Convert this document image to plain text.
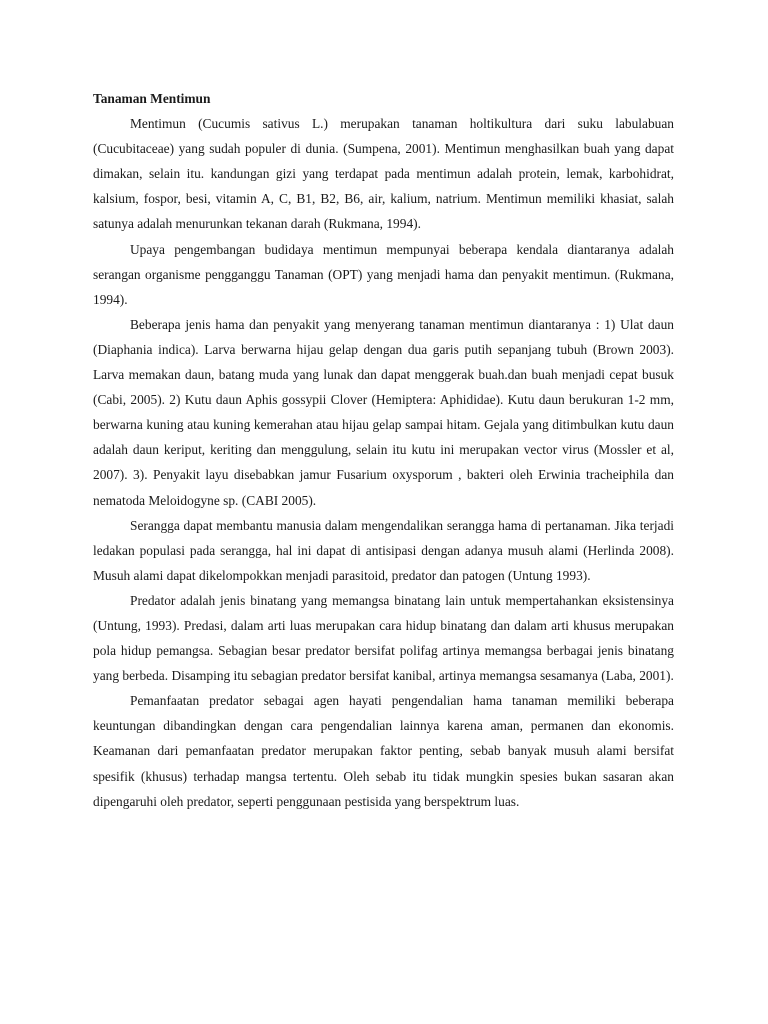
Tanaman Mentimun

Mentimun (Cucumis sativus L.) merupakan tanaman holtikultura dari suku labulabuan (Cucubitaceae) yang sudah populer di dunia. (Sumpena, 2001). Mentimun menghasilkan buah yang dapat dimakan, selain itu. kandungan gizi yang terdapat pada mentimun adalah protein, lemak, karbohidrat, kalsium, fospor, besi, vitamin A, C, B1, B2, B6, air, kalium, natrium. Mentimun memiliki khasiat, salah satunya adalah menurunkan tekanan darah (Rukmana, 1994).

Upaya pengembangan budidaya mentimun mempunyai beberapa kendala diantaranya adalah serangan organisme pengganggu Tanaman (OPT) yang menjadi hama dan penyakit mentimun. (Rukmana, 1994).

Beberapa jenis hama dan penyakit yang menyerang tanaman mentimun diantaranya : 1) Ulat daun (Diaphania indica). Larva berwarna hijau gelap dengan dua garis putih sepanjang tubuh (Brown 2003). Larva memakan daun, batang muda yang lunak dan dapat menggerak buah.dan buah menjadi cepat busuk (Cabi, 2005). 2) Kutu daun Aphis gossypii Clover (Hemiptera: Aphididae). Kutu daun berukuran 1-2 mm, berwarna kuning atau kuning kemerahan atau hijau gelap sampai hitam. Gejala yang ditimbulkan kutu daun adalah daun keriput, keriting dan menggulung, selain itu kutu ini merupakan vector virus (Mossler et al, 2007). 3). Penyakit layu disebabkan jamur Fusarium oxysporum , bakteri oleh Erwinia tracheiphila dan nematoda Meloidogyne sp. (CABI 2005).

Serangga dapat membantu manusia dalam mengendalikan serangga hama di pertanaman. Jika terjadi ledakan populasi pada serangga, hal ini dapat di antisipasi dengan adanya musuh alami (Herlinda 2008). Musuh alami dapat dikelompokkan menjadi parasitoid, predator dan patogen (Untung 1993).

Predator adalah jenis binatang yang memangsa binatang lain untuk mempertahankan eksistensinya (Untung, 1993). Predasi, dalam arti luas merupakan cara hidup binatang dan dalam arti khusus merupakan pola hidup pemangsa. Sebagian besar predator bersifat polifag artinya memangsa berbagai jenis binatang yang berbeda. Disamping itu sebagian predator bersifat kanibal, artinya memangsa sesamanya (Laba, 2001).

Pemanfaatan predator sebagai agen hayati pengendalian hama tanaman memiliki beberapa keuntungan dibandingkan dengan cara pengendalian lainnya karena aman, permanen dan ekonomis. Keamanan dari pemanfaatan predator merupakan faktor penting, sebab banyak musuh alami bersifat spesifik (khusus) terhadap mangsa tertentu. Oleh sebab itu tidak mungkin spesies bukan sasaran akan dipengaruhi oleh predator, seperti penggunaan pestisida yang berspektrum luas.
